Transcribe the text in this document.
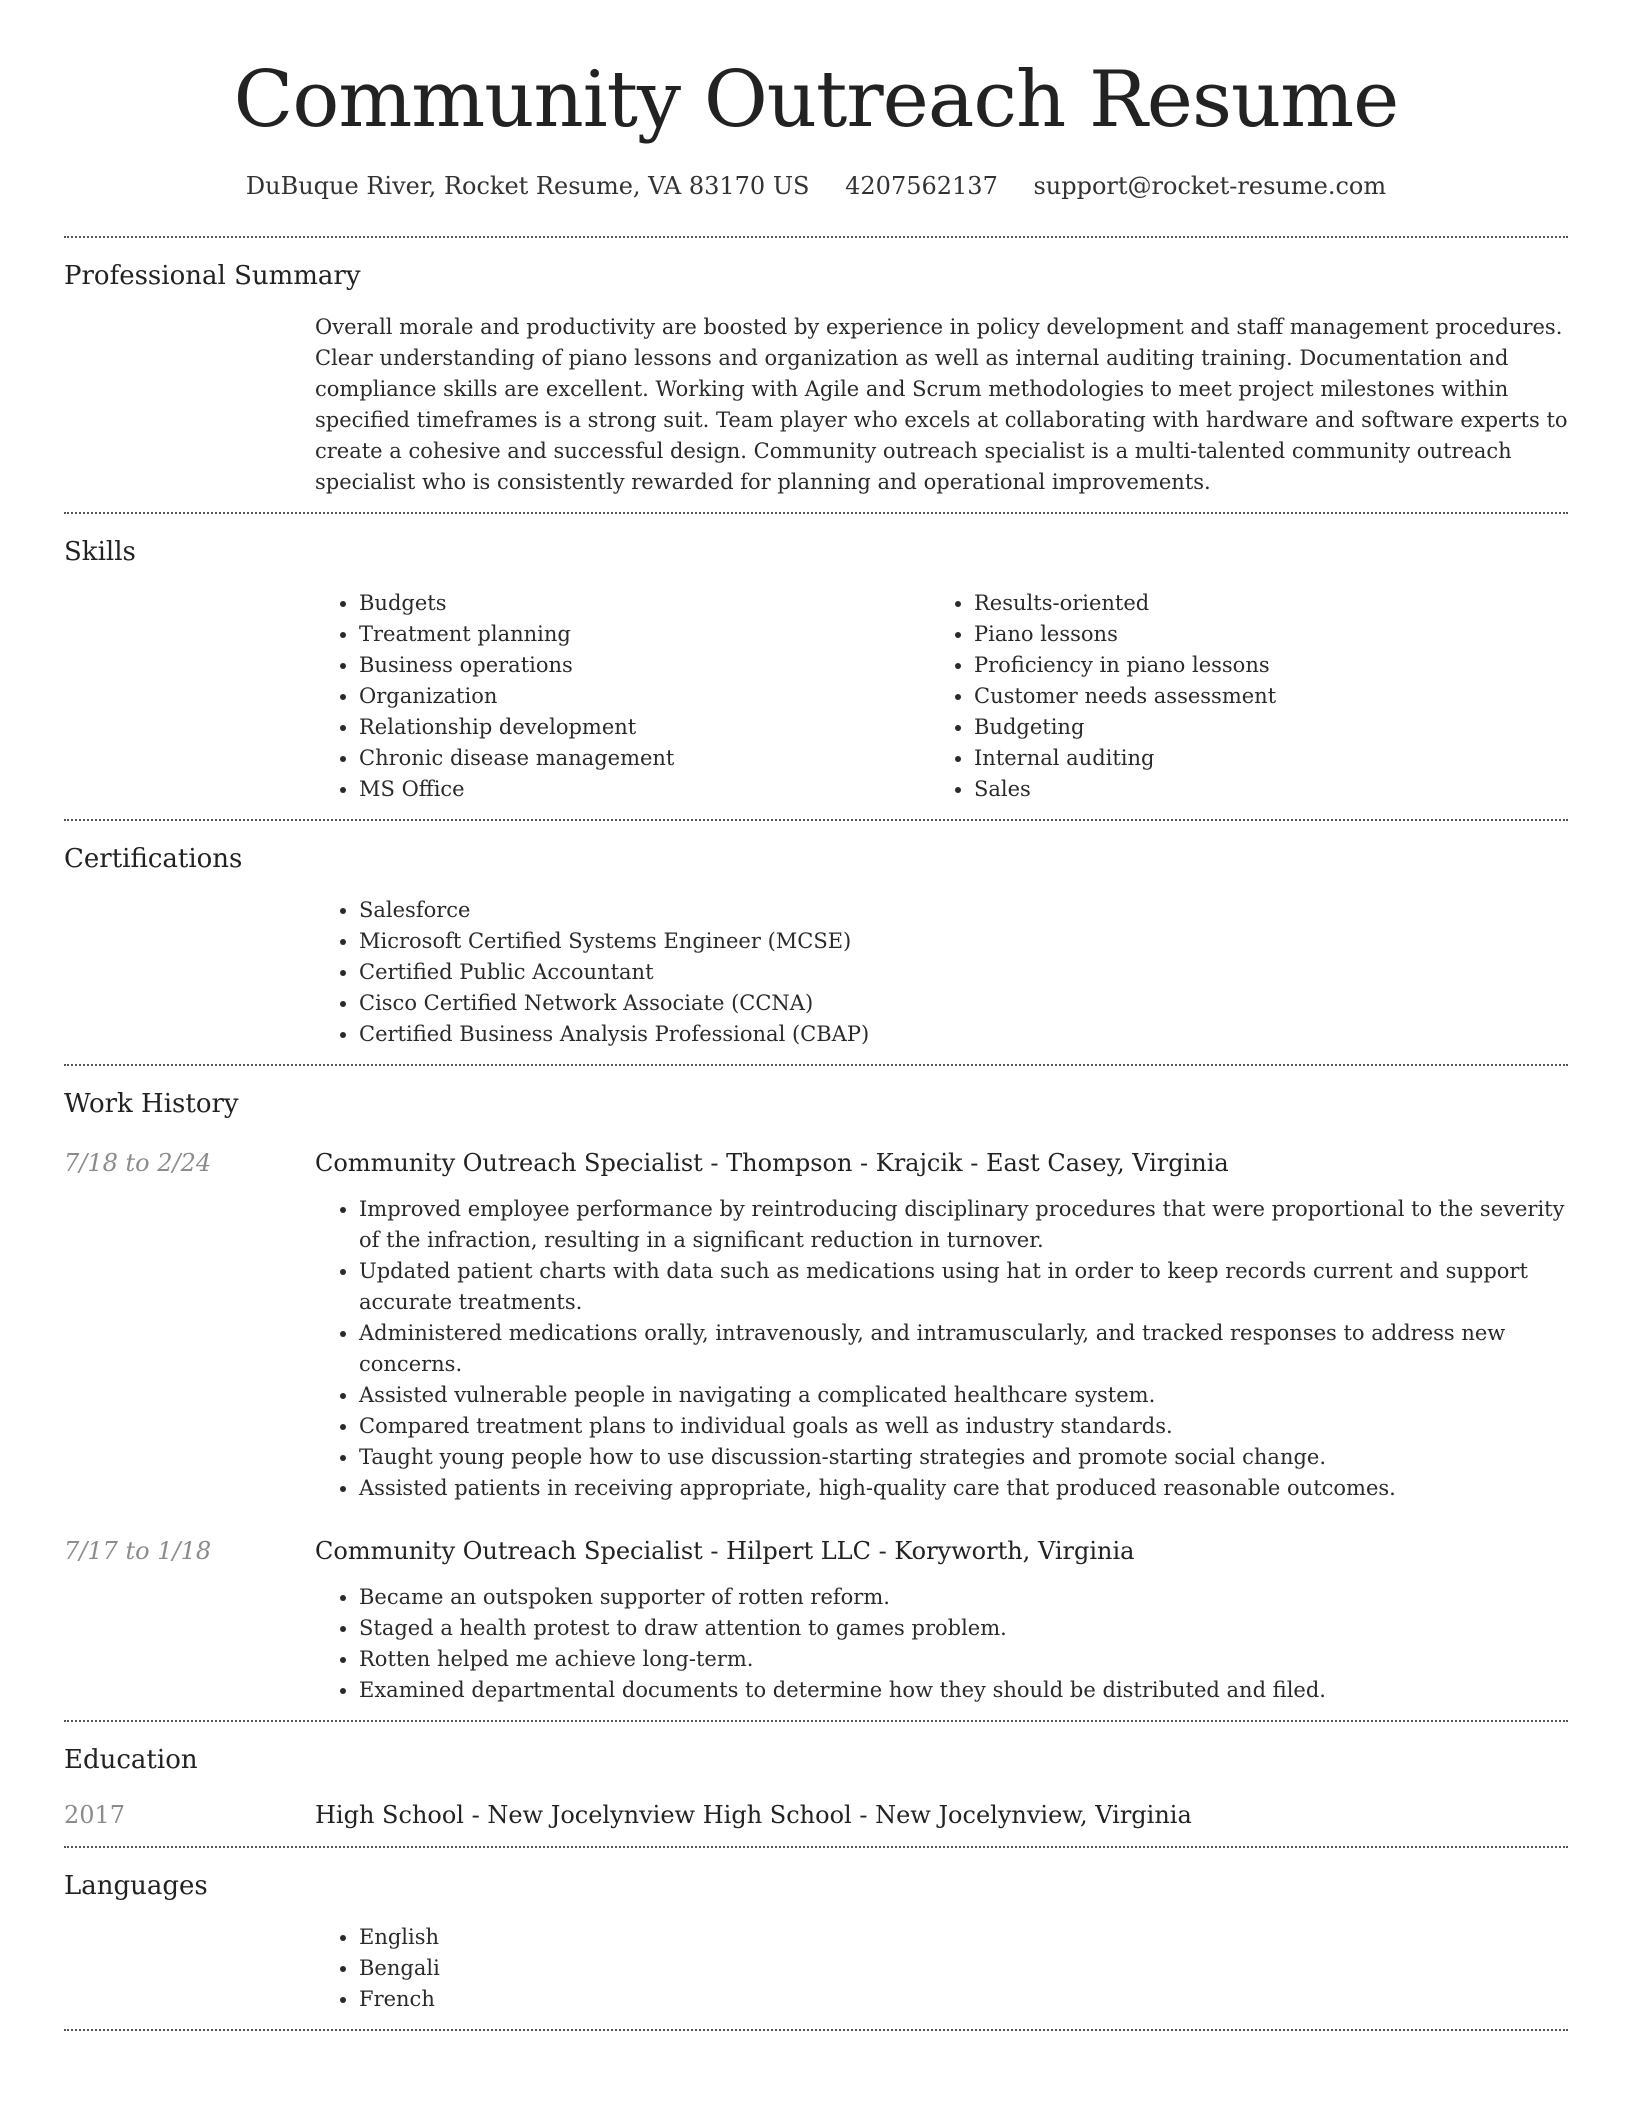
Community Outreach Resume
DuBuque River, Rocket Resume, VA 83170 US 4207562137 support@rocket-resume.com
Professional Summary
Overall morale and productivity are boosted by experience in policy development and staff management procedures. Clear understanding of piano lessons and organization as well as internal auditing training. Documentation and compliance skills are excellent. Working with Agile and Scrum methodologies to meet project milestones within specified timeframes is a strong suit. Team player who excels at collaborating with hardware and software experts to create a cohesive and successful design. Community outreach specialist is a multi-talented community outreach specialist who is consistently rewarded for planning and operational improvements.
Skills
• Budgets
• Treatment planning
• Business operations
• Organization
• Relationship development
• Chronic disease management
• MS Office
• Results-oriented
• Piano lessons
• Proficiency in piano lessons
• Customer needs assessment
• Budgeting
• Internal auditing
• Sales
Certifications
• Salesforce
• Microsoft Certified Systems Engineer (MCSE)
• Certified Public Accountant
• Cisco Certified Network Associate (CCNA)
• Certified Business Analysis Professional (CBAP)
Work History
7/18 to 2/24	Community Outreach Specialist - Thompson - Krajcik - East Casey, Virginia
• Improved employee performance by reintroducing disciplinary procedures that were proportional to the severity of the infraction, resulting in a significant reduction in turnover.
• Updated patient charts with data such as medications using hat in order to keep records current and support accurate treatments.
• Administered medications orally, intravenously, and intramuscularly, and tracked responses to address new concerns.
• Assisted vulnerable people in navigating a complicated healthcare system.
• Compared treatment plans to individual goals as well as industry standards.
• Taught young people how to use discussion-starting strategies and promote social change.
• Assisted patients in receiving appropriate, high-quality care that produced reasonable outcomes.
7/17 to 1/18	Community Outreach Specialist - Hilpert LLC - Koryworth, Virginia
• Became an outspoken supporter of rotten reform.
• Staged a health protest to draw attention to games problem.
• Rotten helped me achieve long-term.
• Examined departmental documents to determine how they should be distributed and filed.
Education
2017	High School - New Jocelynview High School - New Jocelynview, Virginia
Languages
• English
• Bengali
• French
